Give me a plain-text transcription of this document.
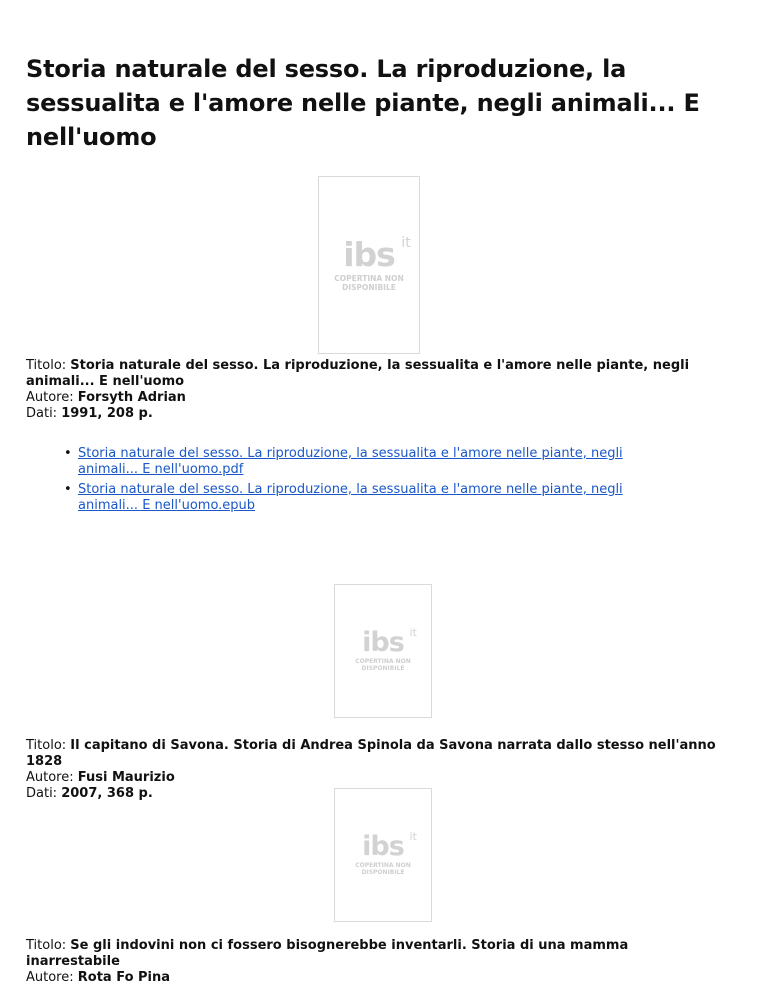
Storia naturale del sesso. La riproduzione, la sessualita e l'amore nelle piante, negli animali... E nell'uomo
ibs it
COPERTINA NON DISPONIBILE

Titolo: Storia naturale del sesso. La riproduzione, la sessualita e l'amore nelle piante, negli animali... E nell'uomo

Autore: Forsyth Adrian

Dati: 1991, 208 p.

• Storia naturale del sesso. La riproduzione, la sessualita e l'amore nelle piante, negli animali... E nell'uomo.pdf
• Storia naturale del sesso. La riproduzione, la sessualita e l'amore nelle piante, negli animali... E nell'uomo.epub
ibs it
COPERTINA NON DISPONIBILE

Titolo: Il capitano di Savona. Storia di Andrea Spinola da Savona narrata dallo stesso nell'anno 1828

Autore: Fusi Maurizio

Dati: 2007, 368 p.

ibs it
COPERTINA NON DISPONIBILE

Titolo: Se gli indovini non ci fossero bisognerebbe inventarli. Storia di una mamma inarrestabile

Autore: Rota Fo Pina
